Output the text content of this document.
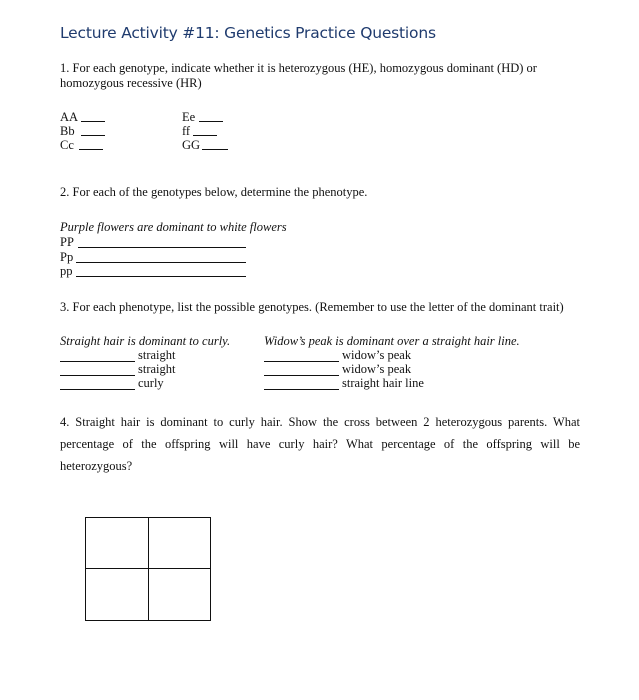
Lecture Activity #11: Genetics Practice Questions
1. For each genotype, indicate whether it is heterozygous (HE), homozygous dominant (HD) or homozygous recessive (HR)
AA
Bb
Cc
Ee
ff
GG
2. For each of the genotypes below, determine the phenotype.
Purple flowers are dominant to white flowers
PP
Pp
pp
3. For each phenotype, list the possible genotypes. (Remember to use the letter of the dominant trait)
Straight hair is dominant to curly.
straight
straight
curly
Widow’s peak is dominant over a straight hair line.
widow’s peak
widow’s peak
straight hair line
4. Straight hair is dominant to curly hair. Show the cross between 2 heterozygous parents. What percentage of the offspring will have curly hair? What percentage of the offspring will be heterozygous?
